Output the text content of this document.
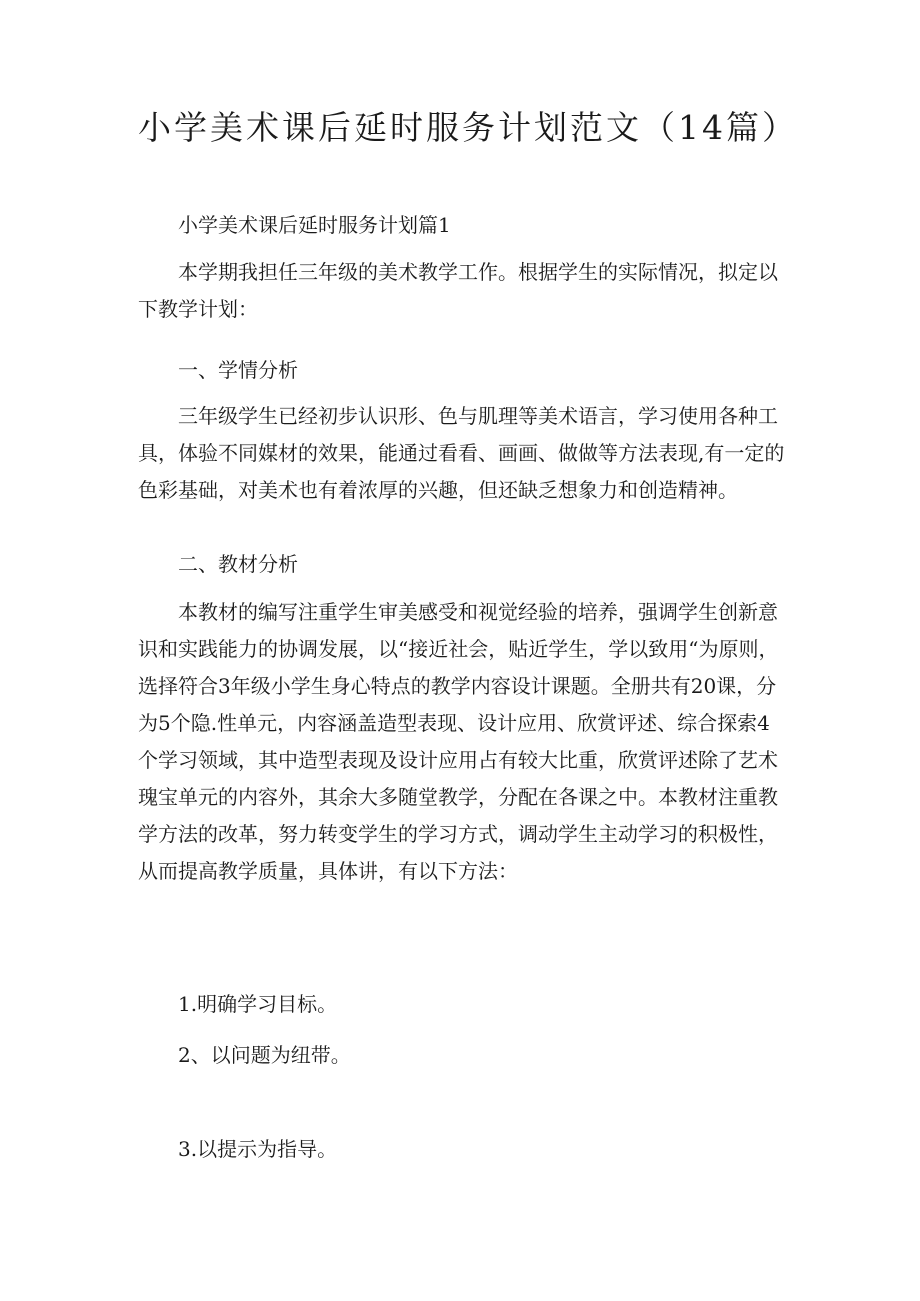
小学美术课后延时服务计划范文（14篇）

小学美术课后延时服务计划篇1

本学期我担任三年级的美术教学工作。根据学生的实际情况，拟定以
下教学计划：

一、学情分析

三年级学生已经初步认识形、色与肌理等美术语言，学习使用各种工
具，体验不同媒材的效果，能通过看看、画画、做做等方法表现,有一定的
色彩基础，对美术也有着浓厚的兴趣，但还缺乏想象力和创造精神。

二、教材分析

本教材的编写注重学生审美感受和视觉经验的培养，强调学生创新意
识和实践能力的协调发展，以“接近社会，贴近学生，学以致用“为原则，
选择符合3年级小学生身心特点的教学内容设计课题。全册共有20课，分
为5个隐.性单元，内容涵盖造型表现、设计应用、欣赏评述、综合探索4
个学习领域，其中造型表现及设计应用占有较大比重，欣赏评述除了艺术
瑰宝单元的内容外，其余大多随堂教学，分配在各课之中。本教材注重教
学方法的改革，努力转变学生的学习方式，调动学生主动学习的积极性，
从而提高教学质量，具体讲，有以下方法：

1.明确学习目标。

2、以问题为纽带。

3.以提示为指导。
